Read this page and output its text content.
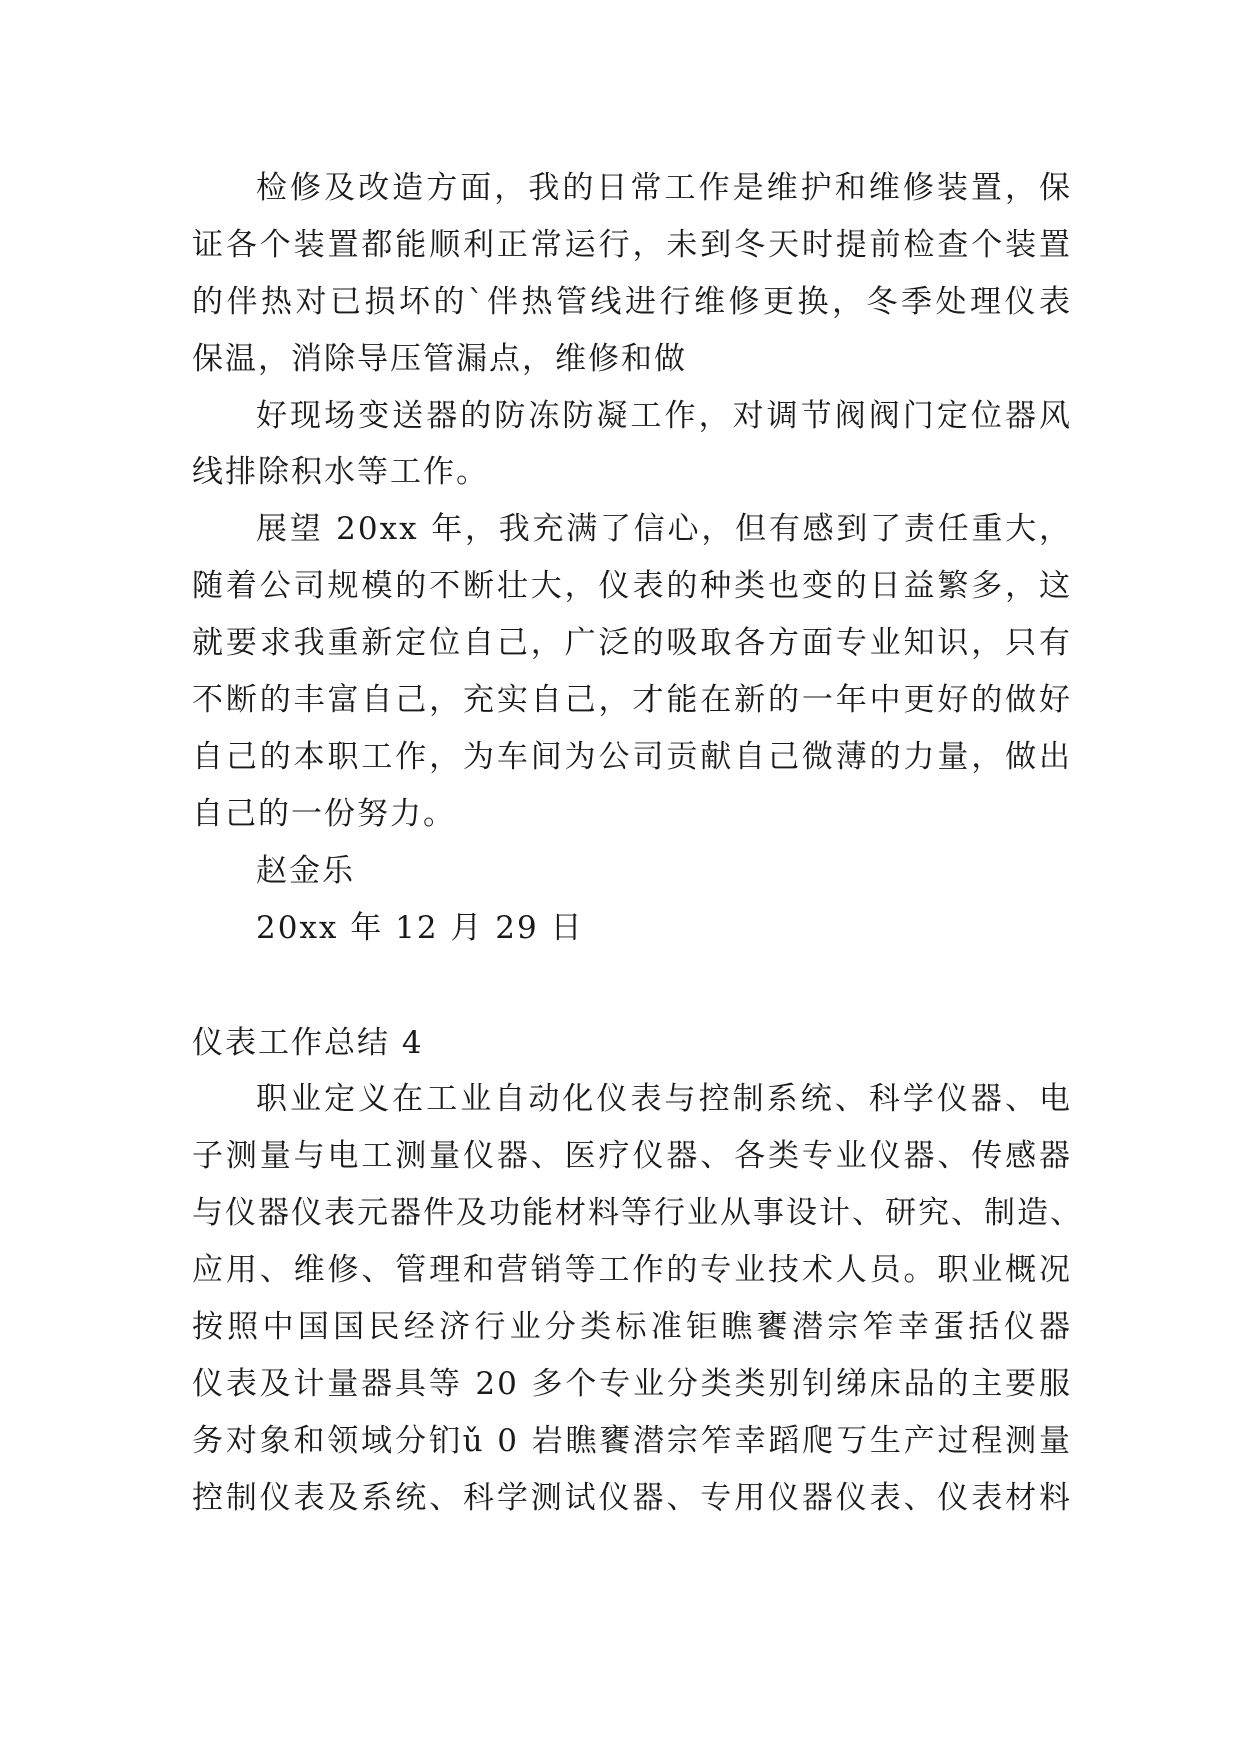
检修及改造方面，我的日常工作是维护和维修装置，保

证各个装置都能顺利正常运行，未到冬天时提前检查个装置

的伴热对已损坏的`伴热管线进行维修更换，冬季处理仪表

保温，消除导压管漏点，维修和做

好现场变送器的防冻防凝工作，对调节阀阀门定位器风

线排除积水等工作。

展望 20xx 年，我充满了信心，但有感到了责任重大，

随着公司规模的不断壮大，仪表的种类也变的日益繁多，这

就要求我重新定位自己，广泛的吸取各方面专业知识，只有

不断的丰富自己，充实自己，才能在新的一年中更好的做好

自己的本职工作，为车间为公司贡献自己微薄的力量，做出

自己的一份努力。

赵金乐

20xx 年 12 月 29 日

仪表工作总结 4

职业定义在工业自动化仪表与控制系统、科学仪器、电

子测量与电工测量仪器、医疗仪器、各类专业仪器、传感器

与仪器仪表元器件及功能材料等行业从事设计、研究、制造、

应用、维修、管理和营销等工作的专业技术人员。职业概况

按照中国国民经济行业分类标准钜瞧饔潜宗笮幸蛋括仪器

仪表及计量器具等 20 多个专业分类类别钊绨床品的主要服

务对象和领域分钔ǔ 0 岩瞧饔潜宗笮幸蹈爬丂生产过程测量

控制仪表及系统、科学测试仪器、专用仪器仪表、仪表材料
